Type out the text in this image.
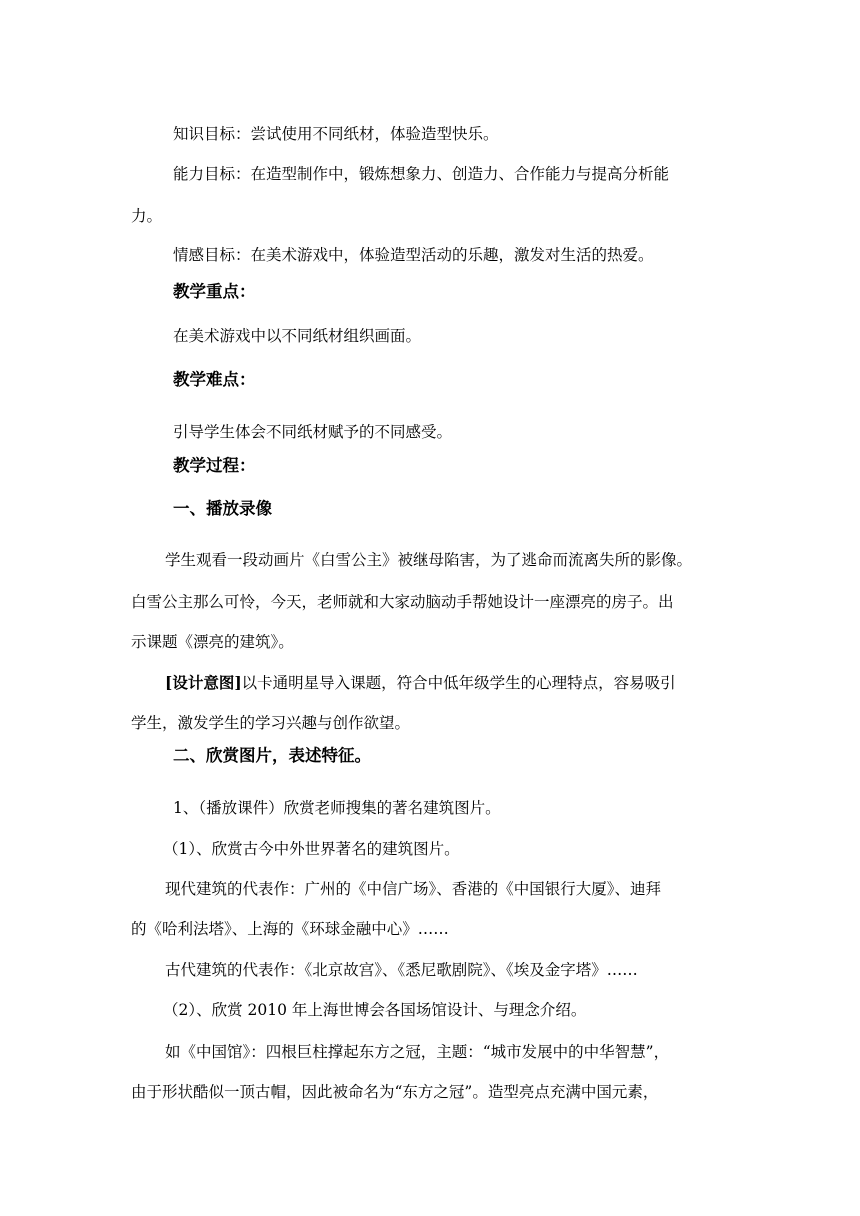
知识目标：尝试使用不同纸材，体验造型快乐。

能力目标：在造型制作中，锻炼想象力、创造力、合作能力与提高分析能

力。

情感目标：在美术游戏中，体验造型活动的乐趣，激发对生活的热爱。

教学重点：

在美术游戏中以不同纸材组织画面。

教学难点：

引导学生体会不同纸材赋予的不同感受。

教学过程：

一、播放录像

学生观看一段动画片《白雪公主》被继母陷害，为了逃命而流离失所的影像。

白雪公主那么可怜，今天，老师就和大家动脑动手帮她设计一座漂亮的房子。出

示课题《漂亮的建筑》。

[设计意图]以卡通明星导入课题，符合中低年级学生的心理特点，容易吸引

学生，激发学生的学习兴趣与创作欲望。

二、欣赏图片，表述特征。

1、（播放课件）欣赏老师搜集的著名建筑图片。

（1）、欣赏古今中外世界著名的建筑图片。

现代建筑的代表作：广州的《中信广场》、香港的《中国银行大厦》、迪拜

的《哈利法塔》、上海的《环球金融中心》……

古代建筑的代表作：《北京故宫》、《悉尼歌剧院》、《埃及金字塔》……

（2）、欣赏 2010 年上海世博会各国场馆设计、与理念介绍。

如《中国馆》：四根巨柱撑起东方之冠，主题：“城市发展中的中华智慧”，

由于形状酷似一顶古帽，因此被命名为“东方之冠”。造型亮点充满中国元素，
